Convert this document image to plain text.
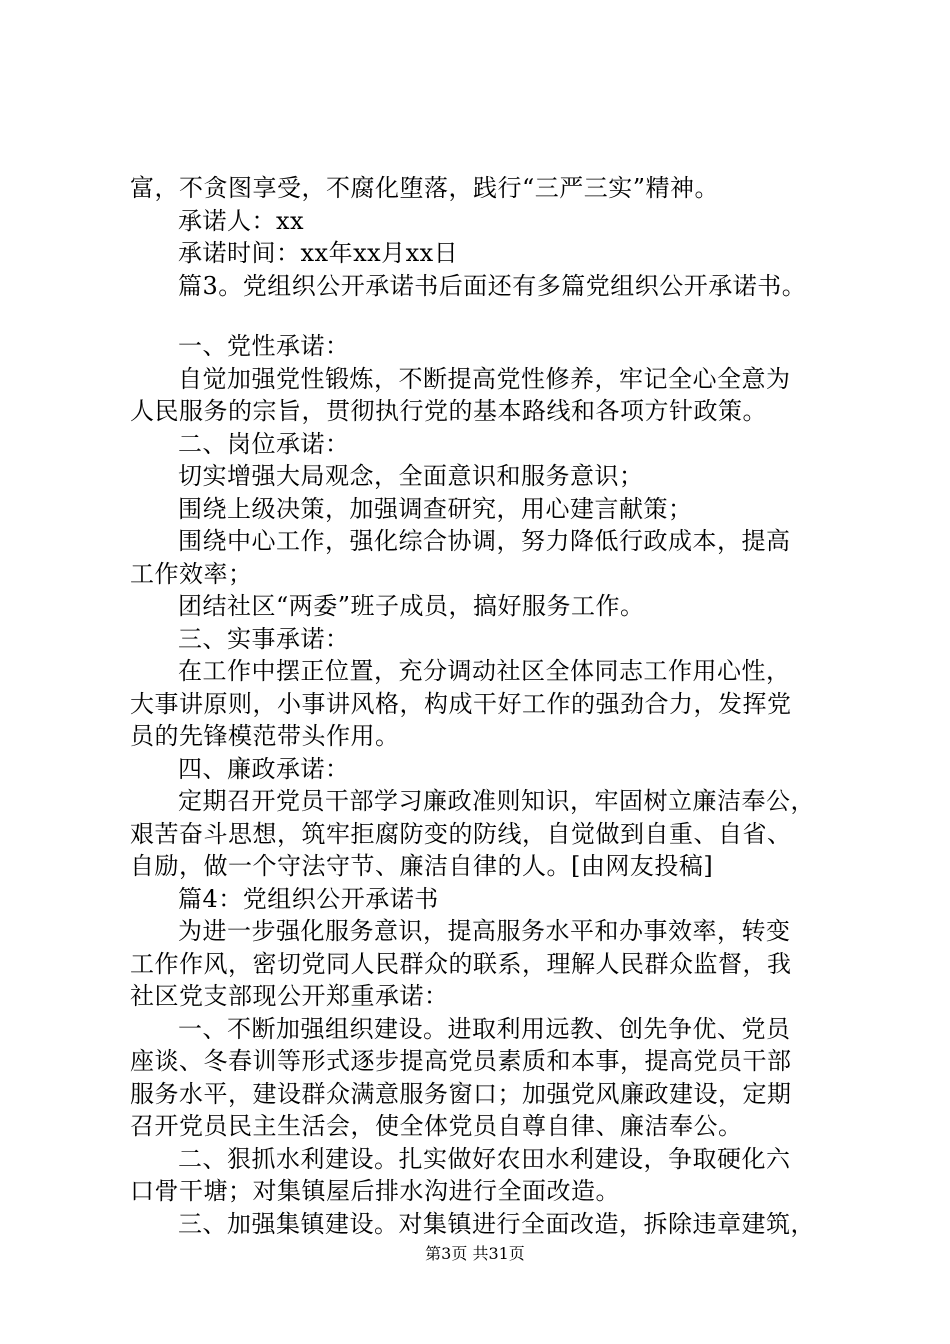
富，不贪图享受，不腐化堕落，践行“三严三实”精神。
承诺人：xx
承诺时间：xx年xx月xx日
篇3。党组织公开承诺书后面还有多篇党组织公开承诺书。
一、党性承诺：
自觉加强党性锻炼，不断提高党性修养，牢记全心全意为
人民服务的宗旨，贯彻执行党的基本路线和各项方针政策。
二、岗位承诺：
切实增强大局观念，全面意识和服务意识；
围绕上级决策，加强调查研究，用心建言献策；
围绕中心工作，强化综合协调，努力降低行政成本，提高
工作效率；
团结社区“两委”班子成员，搞好服务工作。
三、实事承诺：
在工作中摆正位置，充分调动社区全体同志工作用心性，
大事讲原则，小事讲风格，构成干好工作的强劲合力，发挥党
员的先锋模范带头作用。
四、廉政承诺：
定期召开党员干部学习廉政准则知识，牢固树立廉洁奉公，
艰苦奋斗思想，筑牢拒腐防变的防线，自觉做到自重、自省、
自励，做一个守法守节、廉洁自律的人。[由网友投稿]
篇4：党组织公开承诺书
为进一步强化服务意识，提高服务水平和办事效率，转变
工作作风，密切党同人民群众的联系，理解人民群众监督，我
社区党支部现公开郑重承诺：
一、不断加强组织建设。进取利用远教、创先争优、党员
座谈、冬春训等形式逐步提高党员素质和本事，提高党员干部
服务水平，建设群众满意服务窗口；加强党风廉政建设，定期
召开党员民主生活会，使全体党员自尊自律、廉洁奉公。
二、狠抓水利建设。扎实做好农田水利建设，争取硬化六
口骨干塘；对集镇屋后排水沟进行全面改造。
三、加强集镇建设。对集镇进行全面改造，拆除违章建筑，
第3页 共31页
